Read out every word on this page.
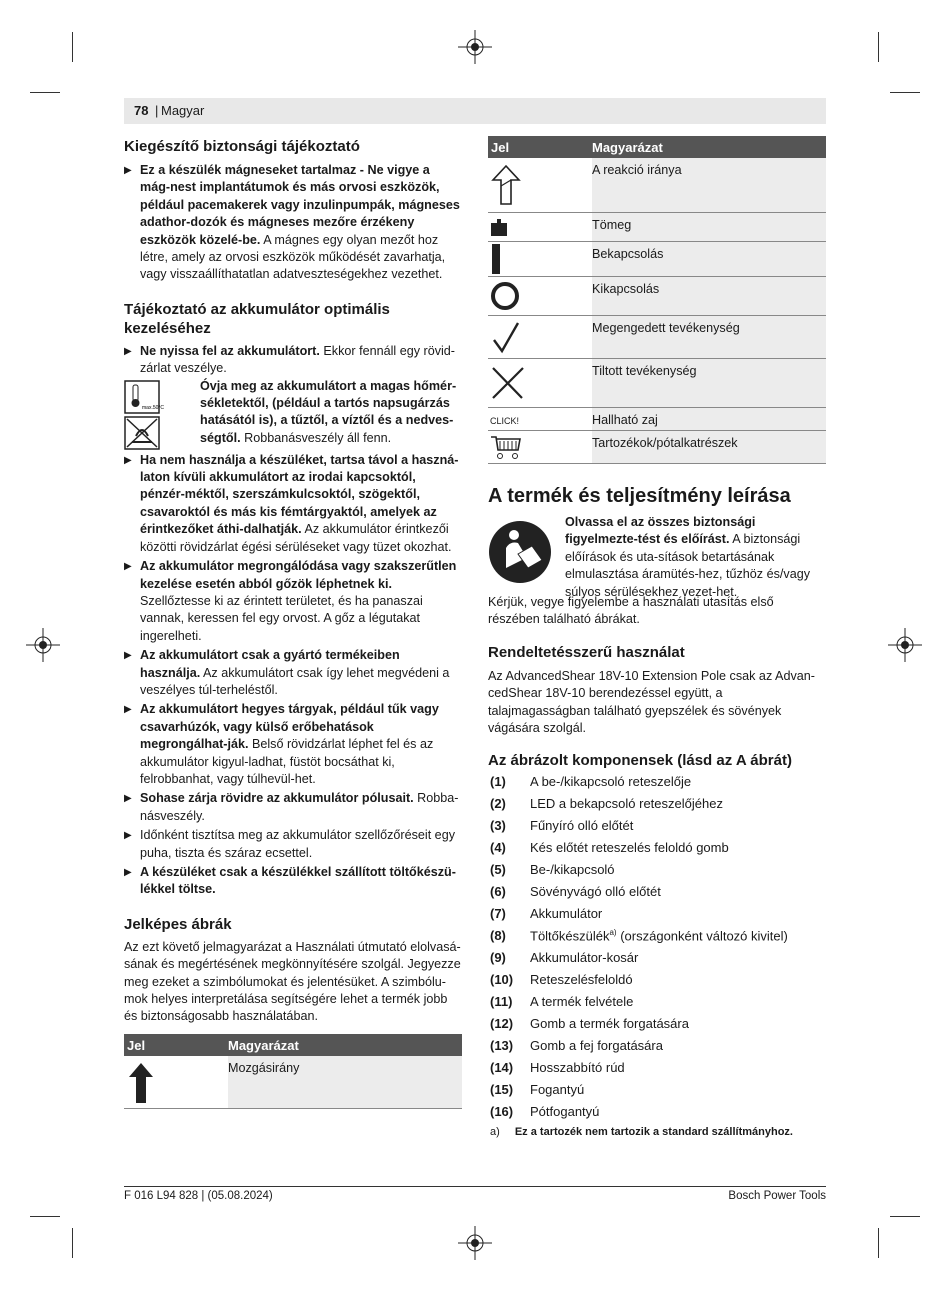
78 | Magyar
Kiegészítő biztonsági tájékoztató
▶ Ez a készülék mágneseket tartalmaz - Ne vigye a mág-nest implantátumok és más orvosi eszközök, például pacemakerek vagy inzulinpumpák, mágneses adathor-dozók és mágneses mezőre érzékeny eszközök közelé-be. A mágnes egy olyan mezőt hoz létre, amely az orvosi eszközök működését zavarhatja, vagy visszaállíthatatlan adatveszteségekhez vezethet.
Tájékoztató az akkumulátor optimális kezeléséhez
▶ Ne nyissa fel az akkumulátort. Ekkor fennáll egy rövid-zárlat veszélye.
max.50°C
Óvja meg az akkumulátort a magas hőmér-sékletektől, (például a tartós napsugárzás hatásától is), a tűztől, a víztől és a nedves-ségtől. Robbanásveszély áll fenn.
▶ Ha nem használja a készüléket, tartsa távol a haszná-laton kívüli akkumulátort az irodai kapcsoktól, pénzér-méktől, szerszámkulcsoktól, szögektől, csavaroktól és más kis fémtárgyaktól, amelyek az érintkezőket áthi-dalhatják. Az akkumulátor érintkezői közötti rövidzárlat égési sérüléseket vagy tüzet okozhat.
▶ Az akkumulátor megrongálódása vagy szakszerűtlen kezelése esetén abból gőzök léphetnek ki. Szellőztesse ki az érintett területet, és ha panaszai vannak, keressen fel egy orvost. A gőz a légutakat ingerelheti.
▶ Az akkumulátort csak a gyártó termékeiben használja. Az akkumulátort csak így lehet megvédeni a veszélyes túl-terheléstől.
▶ Az akkumulátort hegyes tárgyak, például tűk vagy csavarhúzók, vagy külső erőbehatások megrongálhat-ják. Belső rövidzárlat léphet fel és az akkumulátor kigyul-ladhat, füstöt bocsáthat ki, felrobbanhat, vagy túlhevül-het.
▶ Sohase zárja rövidre az akkumulátor pólusait. Robba-násveszély.
▶ Időnként tisztítsa meg az akkumulátor szellőzőréseit egy puha, tiszta és száraz ecsettel.
▶ A készüléket csak a készülékkel szállított töltőkészü-lékkel töltse.
Jelképes ábrák
Az ezt követő jelmagyarázat a Használati útmutató elolvasá-sának és megértésének megkönnyítésére szolgál. Jegyezze meg ezeket a szimbólumokat és jelentésüket. A szimbólu-mok helyes interpretálása segítségére lehet a termék jobb és biztonságosabb használatában.
Jel	Magyarázat
Mozgásirány
Jel	Magyarázat
A reakció iránya
Tömeg
Bekapcsolás
Kikapcsolás
Megengedett tevékenység
Tiltott tevékenység
CLICK!	Hallható zaj
Tartozékok/pótalkatrészek
A termék és teljesítmény leírása
Olvassa el az összes biztonsági figyelmezte-tést és előírást. A biztonsági előírások és uta-sítások betartásának elmulasztása áramütés-hez, tűzhöz és/vagy súlyos sérülésekhez vezet-het.
Kérjük, vegye figyelembe a használati utasítás első részében található ábrákat.
Rendeltetésszerű használat
Az AdvancedShear 18V-10 Extension Pole csak az Advan-cedShear 18V-10 berendezéssel együtt, a talajmagasságban található gyepszélek és sövények vágására szolgál.
Az ábrázolt komponensek (lásd az A ábrát)
(1) A be-/kikapcsoló reteszelője
(2) LED a bekapcsoló reteszelőjéhez
(3) Fűnyíró olló előtét
(4) Kés előtét reteszelés feloldó gomb
(5) Be-/kikapcsoló
(6) Sövényvágó olló előtét
(7) Akkumulátor
(8) Töltőkészülék$^{a)}$ (országonként változó kivitel)
(9) Akkumulátor-kosár
(10) Reteszelésfeloldó
(11) A termék felvétele
(12) Gomb a termék forgatására
(13) Gomb a fej forgatására
(14) Hosszabbító rúd
(15) Fogantyú
(16) Pótfogantyú
a) Ez a tartozék nem tartozik a standard szállítmányhoz.
F 016 L94 828 | (05.08.2024)	Bosch Power Tools
